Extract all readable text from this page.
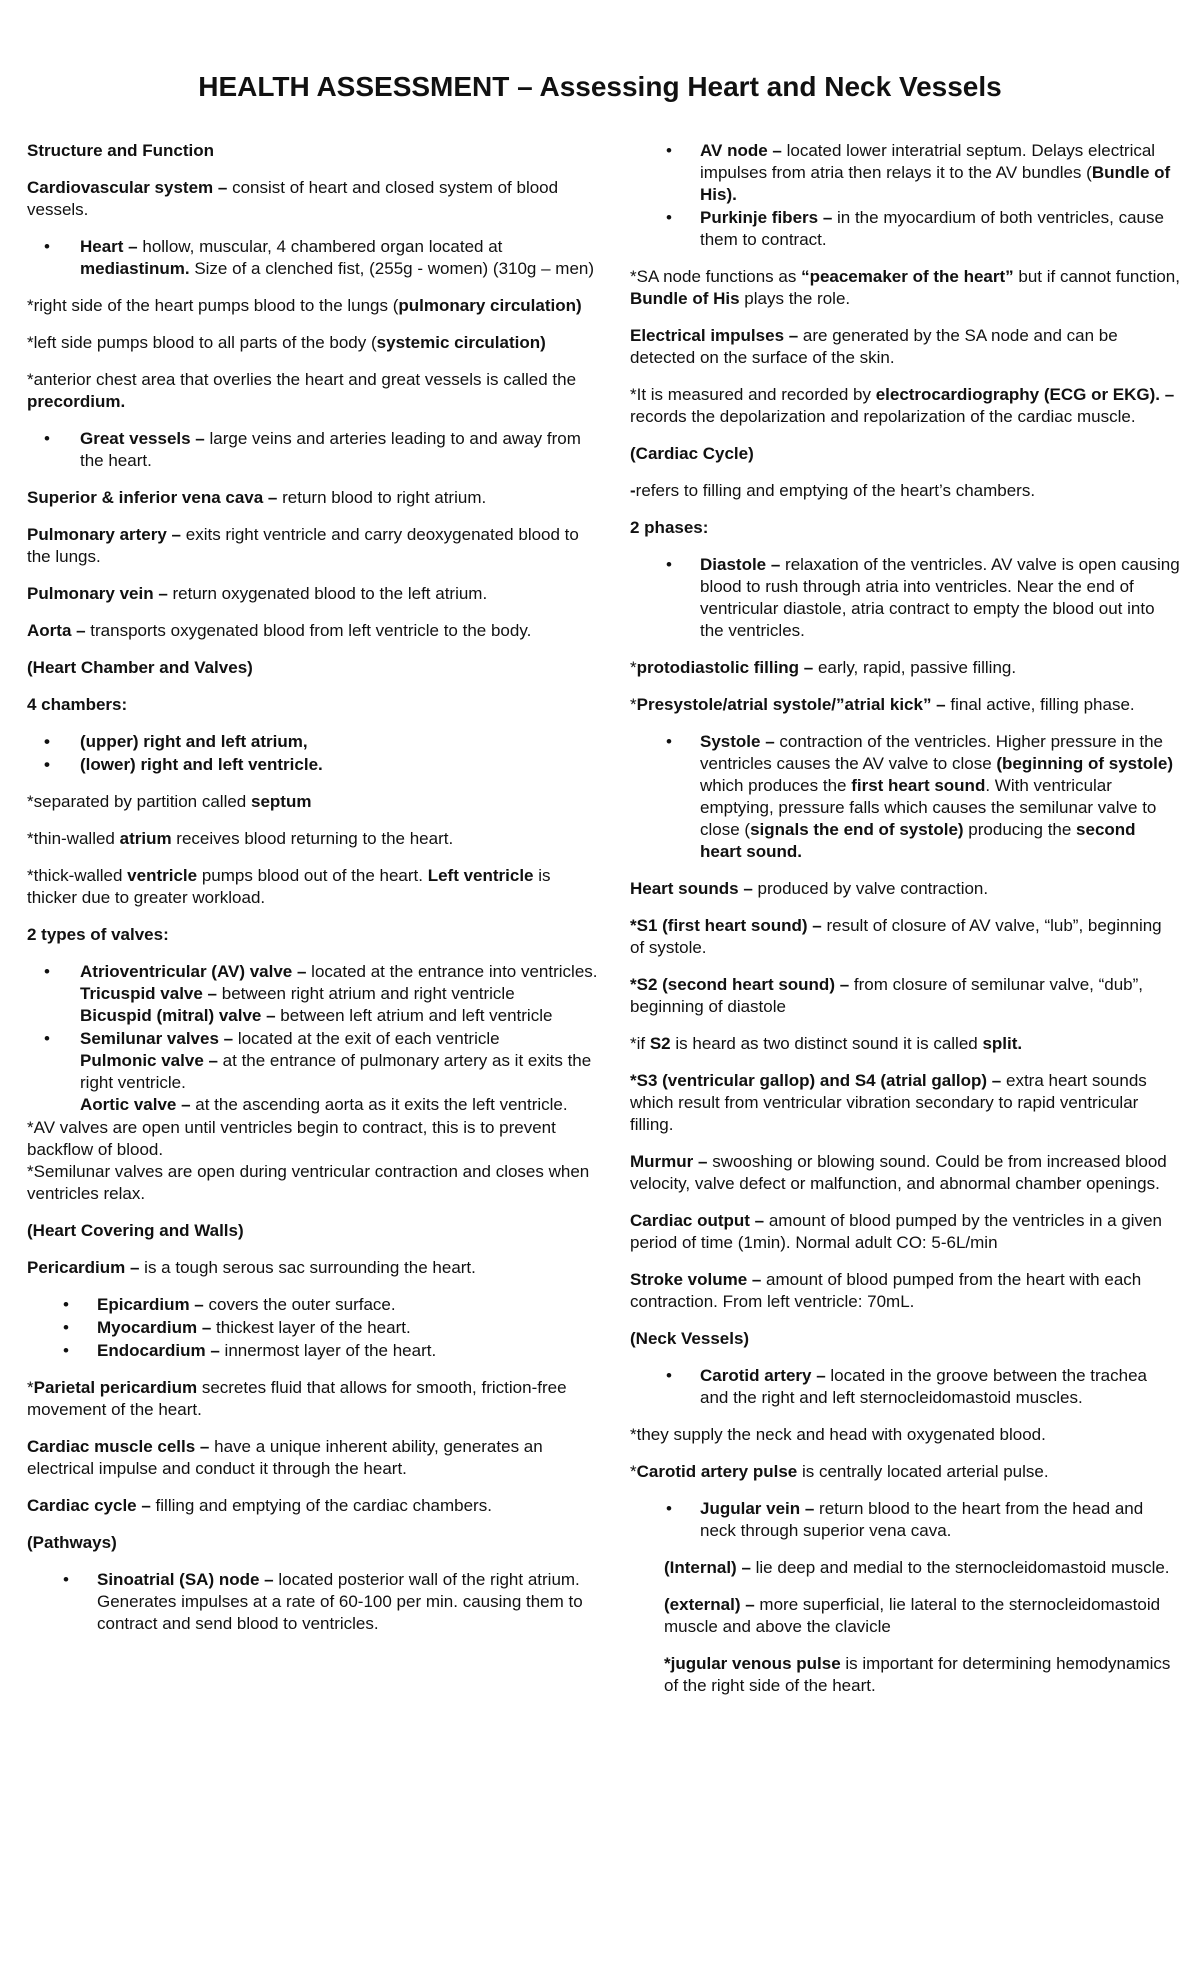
HEALTH ASSESSMENT – Assessing Heart and Neck Vessels

Structure and Function

Cardiovascular system – consist of heart and closed system of blood vessels.

• Heart – hollow, muscular, 4 chambered organ located at mediastinum. Size of a clenched fist, (255g - women) (310g – men)

*right side of the heart pumps blood to the lungs (pulmonary circulation)

*left side pumps blood to all parts of the body (systemic circulation)

*anterior chest area that overlies the heart and great vessels is called the precordium.

• Great vessels – large veins and arteries leading to and away from the heart.

Superior & inferior vena cava – return blood to right atrium.

Pulmonary artery – exits right ventricle and carry deoxygenated blood to the lungs.

Pulmonary vein – return oxygenated blood to the left atrium.

Aorta – transports oxygenated blood from left ventricle to the body.

(Heart Chamber and Valves)

4 chambers:

• (upper) right and left atrium,
• (lower) right and left ventricle.

*separated by partition called septum

*thin-walled atrium receives blood returning to the heart.

*thick-walled ventricle pumps blood out of the heart. Left ventricle is thicker due to greater workload.

2 types of valves:

• Atrioventricular (AV) valve – located at the entrance into ventricles.
Tricuspid valve – between right atrium and right ventricle
Bicuspid (mitral) valve – between left atrium and left ventricle
• Semilunar valves – located at the exit of each ventricle
Pulmonic valve – at the entrance of pulmonary artery as it exits the right ventricle.
Aortic valve – at the ascending aorta as it exits the left ventricle.

*AV valves are open until ventricles begin to contract, this is to prevent backflow of blood.

*Semilunar valves are open during ventricular contraction and closes when ventricles relax.

(Heart Covering and Walls)

Pericardium – is a tough serous sac surrounding the heart.

• Epicardium – covers the outer surface.
• Myocardium – thickest layer of the heart.
• Endocardium – innermost layer of the heart.

*Parietal pericardium secretes fluid that allows for smooth, friction-free movement of the heart.

Cardiac muscle cells – have a unique inherent ability, generates an electrical impulse and conduct it through the heart.

Cardiac cycle – filling and emptying of the cardiac chambers.

(Pathways)

• Sinoatrial (SA) node – located posterior wall of the right atrium. Generates impulses at a rate of 60-100 per min. causing them to contract and send blood to ventricles.
• AV node – located lower interatrial septum. Delays electrical impulses from atria then relays it to the AV bundles (Bundle of His).
• Purkinje fibers – in the myocardium of both ventricles, cause them to contract.

*SA node functions as “peacemaker of the heart” but if cannot function, Bundle of His plays the role.

Electrical impulses – are generated by the SA node and can be detected on the surface of the skin.

*It is measured and recorded by electrocardiography (ECG or EKG). – records the depolarization and repolarization of the cardiac muscle.

(Cardiac Cycle)

-refers to filling and emptying of the heart’s chambers.

2 phases:

• Diastole – relaxation of the ventricles. AV valve is open causing blood to rush through atria into ventricles. Near the end of ventricular diastole, atria contract to empty the blood out into the ventricles.

*protodiastolic filling – early, rapid, passive filling.

*Presystole/atrial systole/”atrial kick” – final active, filling phase.

• Systole – contraction of the ventricles. Higher pressure in the ventricles causes the AV valve to close (beginning of systole) which produces the first heart sound. With ventricular emptying, pressure falls which causes the semilunar valve to close (signals the end of systole) producing the second heart sound.

Heart sounds – produced by valve contraction.

*S1 (first heart sound) – result of closure of AV valve, “lub”, beginning of systole.

*S2 (second heart sound) – from closure of semilunar valve, “dub”, beginning of diastole

*if S2 is heard as two distinct sound it is called split.

*S3 (ventricular gallop) and S4 (atrial gallop) – extra heart sounds which result from ventricular vibration secondary to rapid ventricular filling.

Murmur – swooshing or blowing sound. Could be from increased blood velocity, valve defect or malfunction, and abnormal chamber openings.

Cardiac output – amount of blood pumped by the ventricles in a given period of time (1min). Normal adult CO: 5-6L/min

Stroke volume – amount of blood pumped from the heart with each contraction. From left ventricle: 70mL.

(Neck Vessels)

• Carotid artery – located in the groove between the trachea and the right and left sternocleidomastoid muscles.

*they supply the neck and head with oxygenated blood.

*Carotid artery pulse is centrally located arterial pulse.

• Jugular vein – return blood to the heart from the head and neck through superior vena cava.

(Internal) – lie deep and medial to the sternocleidomastoid muscle.

(external) – more superficial, lie lateral to the sternocleidomastoid muscle and above the clavicle

*jugular venous pulse is important for determining hemodynamics of the right side of the heart.
